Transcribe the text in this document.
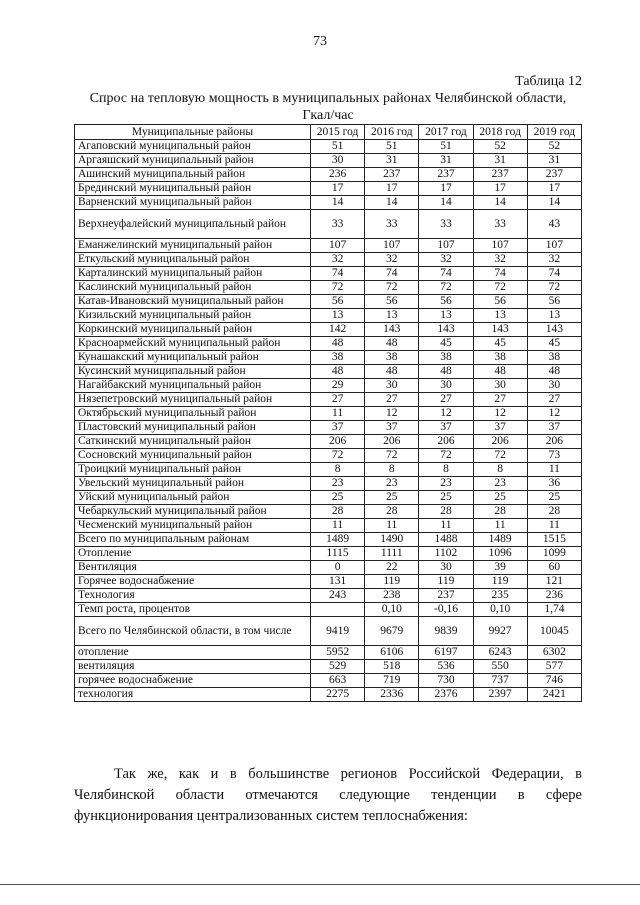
73
Таблица 12
Спрос на тепловую мощность в муниципальных районах Челябинской области, Гкал/час
Муниципальные районы	2015 год	2016 год	2017 год	2018 год	2019 год
Агаповский муниципальный район	51	51	51	52	52
Аргаяшский муниципальный район	30	31	31	31	31
Ашинский муниципальный район	236	237	237	237	237
Брединский муниципальный район	17	17	17	17	17
Варненский муниципальный район	14	14	14	14	14
Верхнеуфалейский муниципальный район	33	33	33	33	43
Еманжелинский муниципальный район	107	107	107	107	107
Еткульский муниципальный район	32	32	32	32	32
Карталинский муниципальный район	74	74	74	74	74
Каслинский муниципальный район	72	72	72	72	72
Катав-Ивановский муниципальный район	56	56	56	56	56
Кизильский муниципальный район	13	13	13	13	13
Коркинский муниципальный район	142	143	143	143	143
Красноармейский муниципальный район	48	48	45	45	45
Кунашакский муниципальный район	38	38	38	38	38
Кусинский муниципальный район	48	48	48	48	48
Нагайбакский муниципальный район	29	30	30	30	30
Нязепетровский муниципальный район	27	27	27	27	27
Октябрьский муниципальный район	11	12	12	12	12
Пластовский муниципальный район	37	37	37	37	37
Саткинский муниципальный район	206	206	206	206	206
Сосновский муниципальный район	72	72	72	72	73
Троицкий муниципальный район	8	8	8	8	11
Увельский муниципальный район	23	23	23	23	36
Уйский муниципальный район	25	25	25	25	25
Чебаркульский муниципальный район	28	28	28	28	28
Чесменский муниципальный район	11	11	11	11	11
Всего по муниципальным районам	1489	1490	1488	1489	1515
Отопление	1115	1111	1102	1096	1099
Вентиляция	0	22	30	39	60
Горячее водоснабжение	131	119	119	119	121
Технология	243	238	237	235	236
Темп роста, процентов		0,10	-0,16	0,10	1,74
Всего по Челябинской области, в том числе	9419	9679	9839	9927	10045
отопление	5952	6106	6197	6243	6302
вентиляция	529	518	536	550	577
горячее водоснабжение	663	719	730	737	746
технология	2275	2336	2376	2397	2421
Так же, как и в большинстве регионов Российской Федерации, в Челябинской области отмечаются следующие тенденции в сфере функционирования централизованных систем теплоснабжения:
